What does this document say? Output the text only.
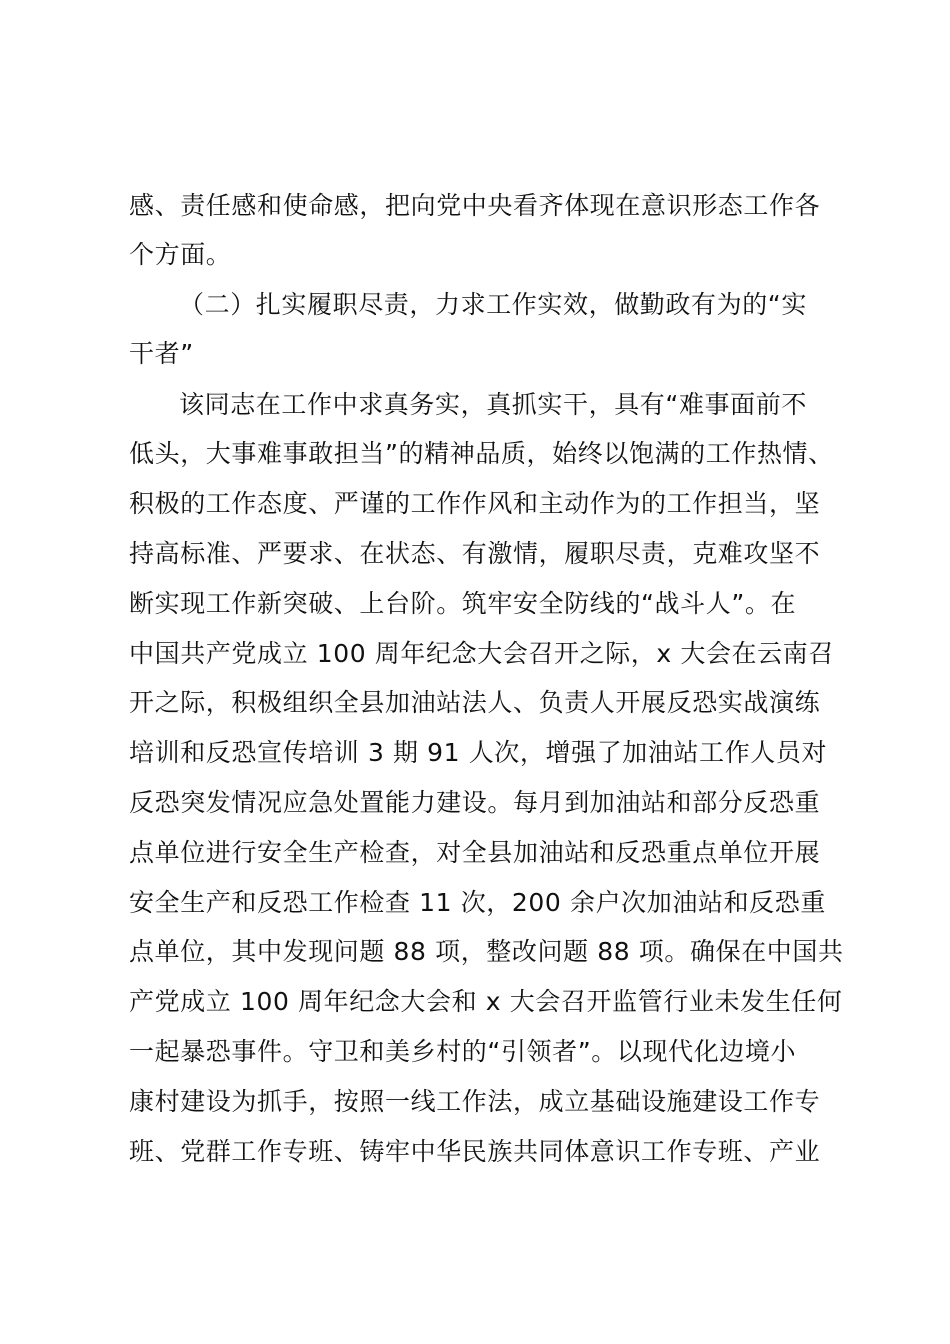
感、责任感和使命感，把向党中央看齐体现在意识形态工作各

个方面。

（二）扎实履职尽责，力求工作实效，做勤政有为的“实

干者”

该同志在工作中求真务实，真抓实干，具有“难事面前不

低头，大事难事敢担当”的精神品质，始终以饱满的工作热情、

积极的工作态度、严谨的工作作风和主动作为的工作担当，坚

持高标准、严要求、在状态、有激情，履职尽责，克难攻坚不

断实现工作新突破、上台阶。筑牢安全防线的“战斗人”。在

中国共产党成立 100 周年纪念大会召开之际，x 大会在云南召

开之际，积极组织全县加油站法人、负责人开展反恐实战演练

培训和反恐宣传培训 3 期 91 人次，增强了加油站工作人员对

反恐突发情况应急处置能力建设。每月到加油站和部分反恐重

点单位进行安全生产检查，对全县加油站和反恐重点单位开展

安全生产和反恐工作检查 11 次，200 余户次加油站和反恐重

点单位，其中发现问题 88 项，整改问题 88 项。确保在中国共

产党成立 100 周年纪念大会和 x 大会召开监管行业未发生任何

一起暴恐事件。守卫和美乡村的“引领者”。以现代化边境小

康村建设为抓手，按照一线工作法，成立基础设施建设工作专

班、党群工作专班、铸牢中华民族共同体意识工作专班、产业
